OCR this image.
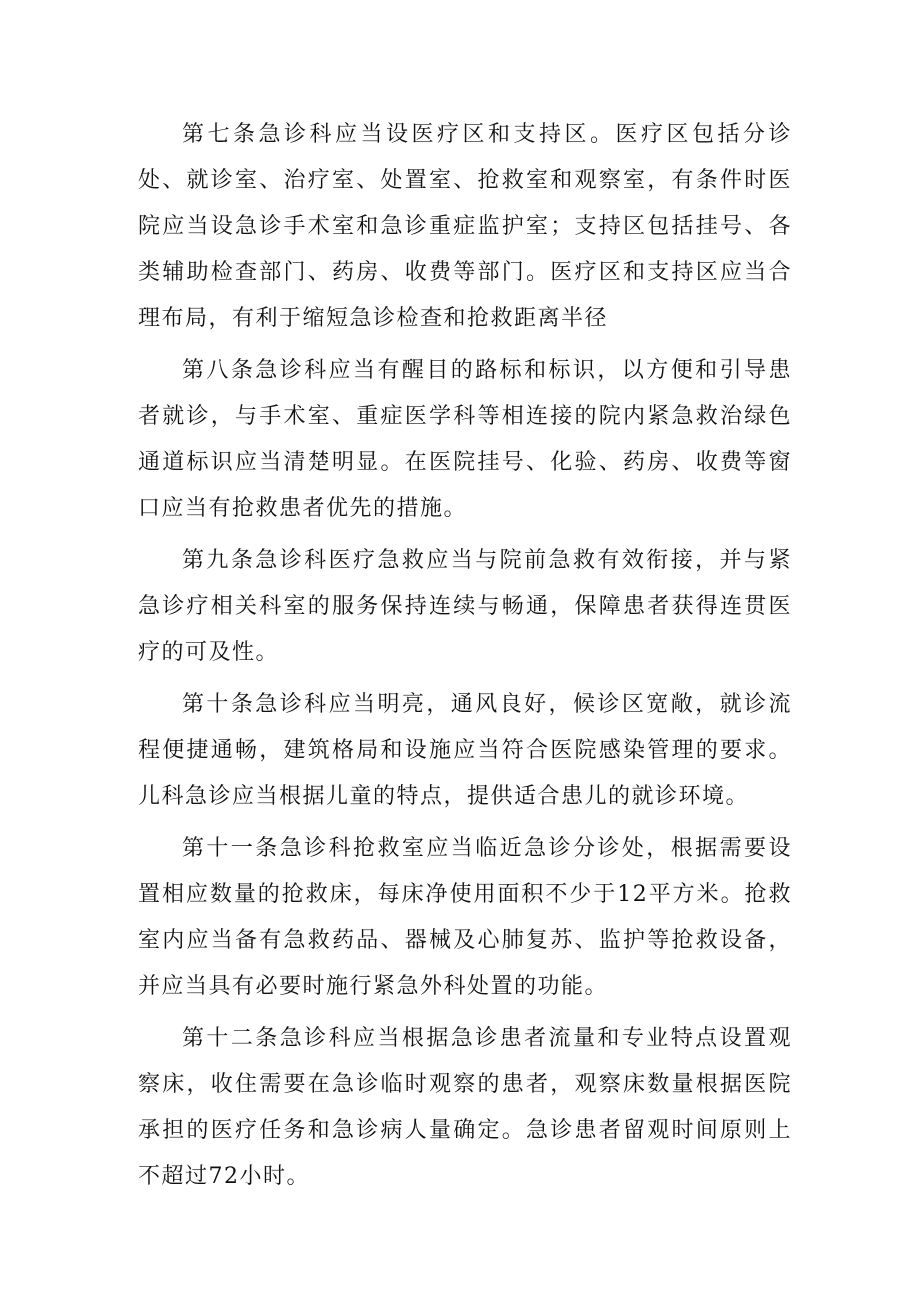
第七条急诊科应当设医疗区和支持区。医疗区包括分诊处、就诊室、治疗室、处置室、抢救室和观察室，有条件时医院应当设急诊手术室和急诊重症监护室；支持区包括挂号、各类辅助检查部门、药房、收费等部门。医疗区和支持区应当合理布局，有利于缩短急诊检查和抢救距离半径

第八条急诊科应当有醒目的路标和标识，以方便和引导患者就诊，与手术室、重症医学科等相连接的院内紧急救治绿色通道标识应当清楚明显。在医院挂号、化验、药房、收费等窗口应当有抢救患者优先的措施。

第九条急诊科医疗急救应当与院前急救有效衔接，并与紧急诊疗相关科室的服务保持连续与畅通，保障患者获得连贯医疗的可及性。

第十条急诊科应当明亮，通风良好，候诊区宽敞，就诊流程便捷通畅，建筑格局和设施应当符合医院感染管理的要求。儿科急诊应当根据儿童的特点，提供适合患儿的就诊环境。

第十一条急诊科抢救室应当临近急诊分诊处，根据需要设置相应数量的抢救床，每床净使用面积不少于12平方米。抢救室内应当备有急救药品、器械及心肺复苏、监护等抢救设备，并应当具有必要时施行紧急外科处置的功能。

第十二条急诊科应当根据急诊患者流量和专业特点设置观察床，收住需要在急诊临时观察的患者，观察床数量根据医院承担的医疗任务和急诊病人量确定。急诊患者留观时间原则上不超过72小时。
